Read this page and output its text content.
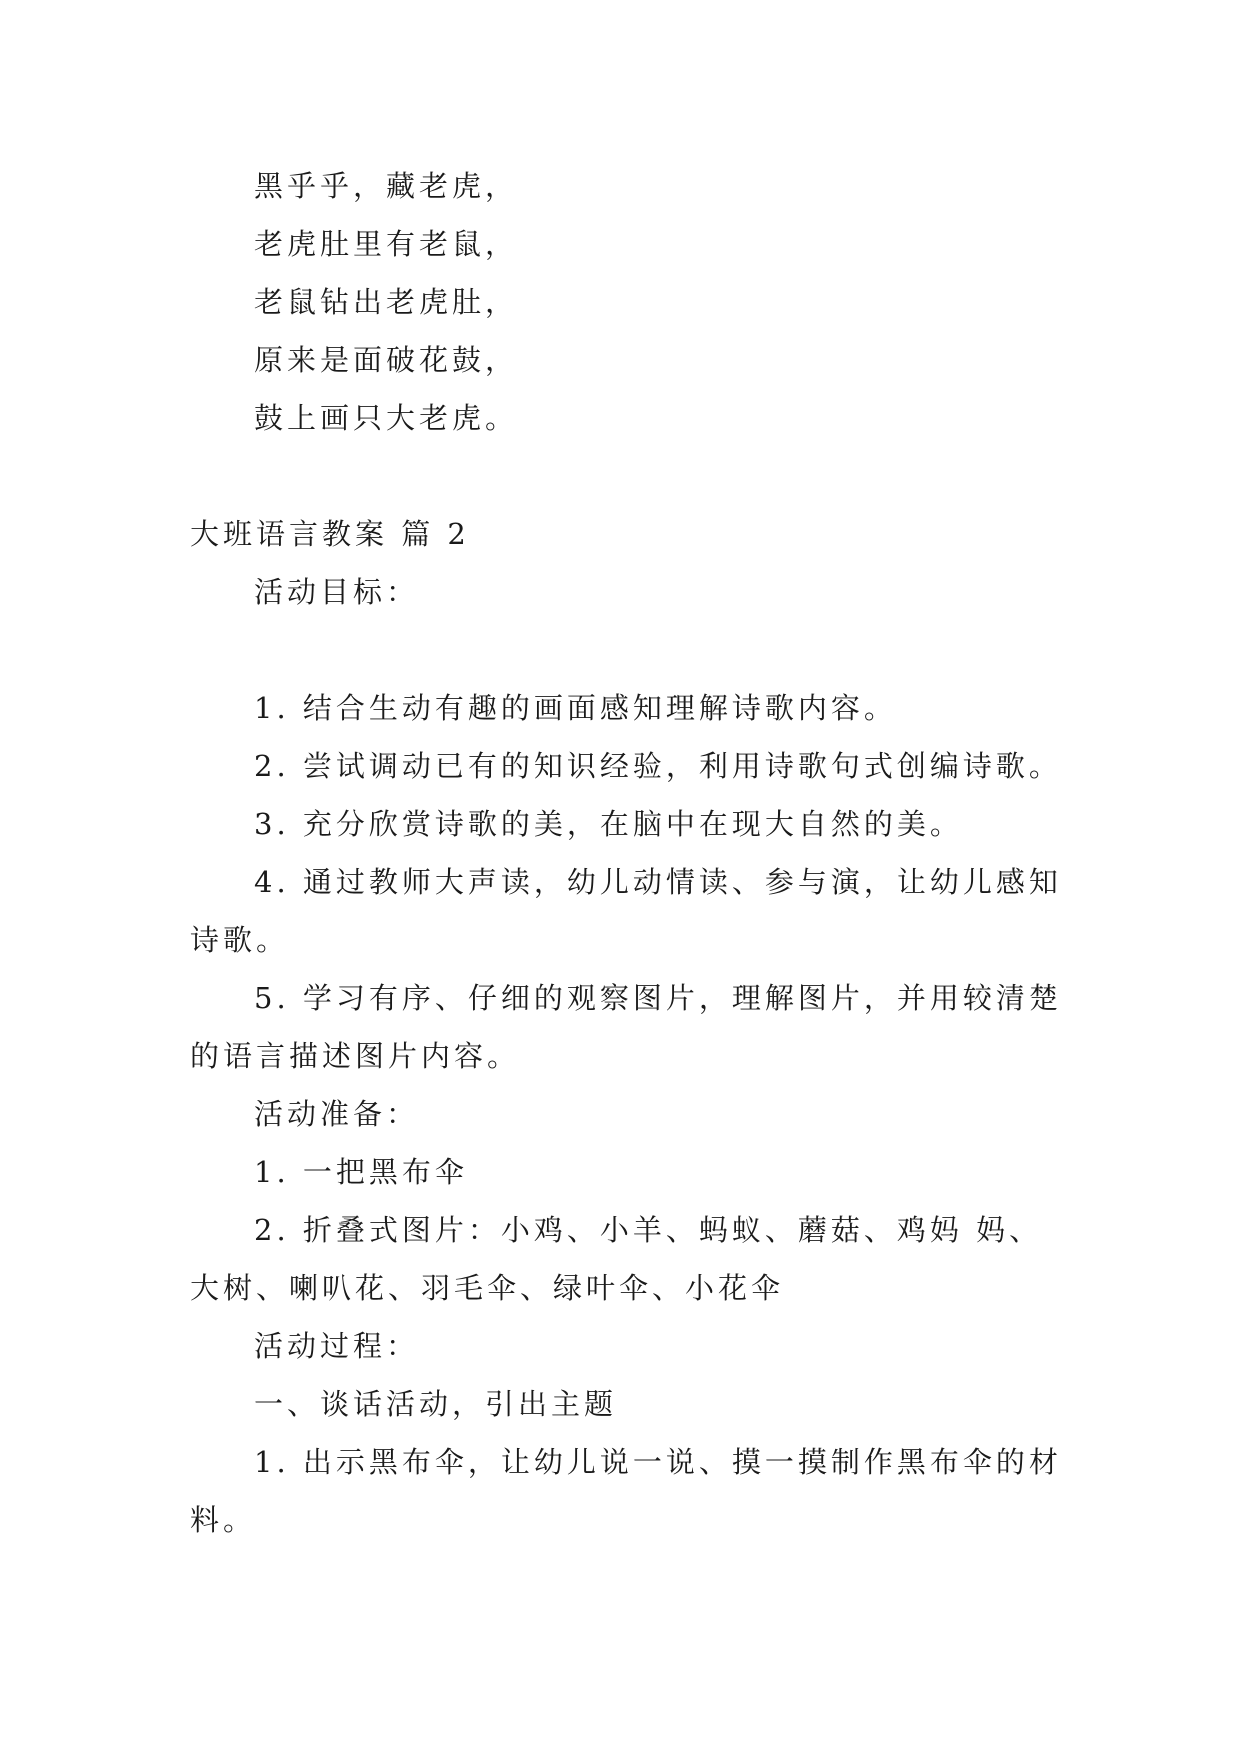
黑乎乎，藏老虎，
老虎肚里有老鼠，
老鼠钻出老虎肚，
原来是面破花鼓，
鼓上画只大老虎。
大班语言教案 篇 2
活动目标：
1. 结合生动有趣的画面感知理解诗歌内容。
2. 尝试调动已有的知识经验，利用诗歌句式创编诗歌。
3. 充分欣赏诗歌的美，在脑中在现大自然的美。
4. 通过教师大声读，幼儿动情读、参与演，让幼儿感知
诗歌。
5. 学习有序、仔细的观察图片，理解图片，并用较清楚
的语言描述图片内容。
活动准备：
1. 一把黑布伞
2. 折叠式图片：小鸡、小羊、蚂蚁、蘑菇、鸡妈 妈、
大树、喇叭花、羽毛伞、绿叶伞、小花伞
活动过程：
一、谈话活动，引出主题
1. 出示黑布伞，让幼儿说一说、摸一摸制作黑布伞的材
料。
